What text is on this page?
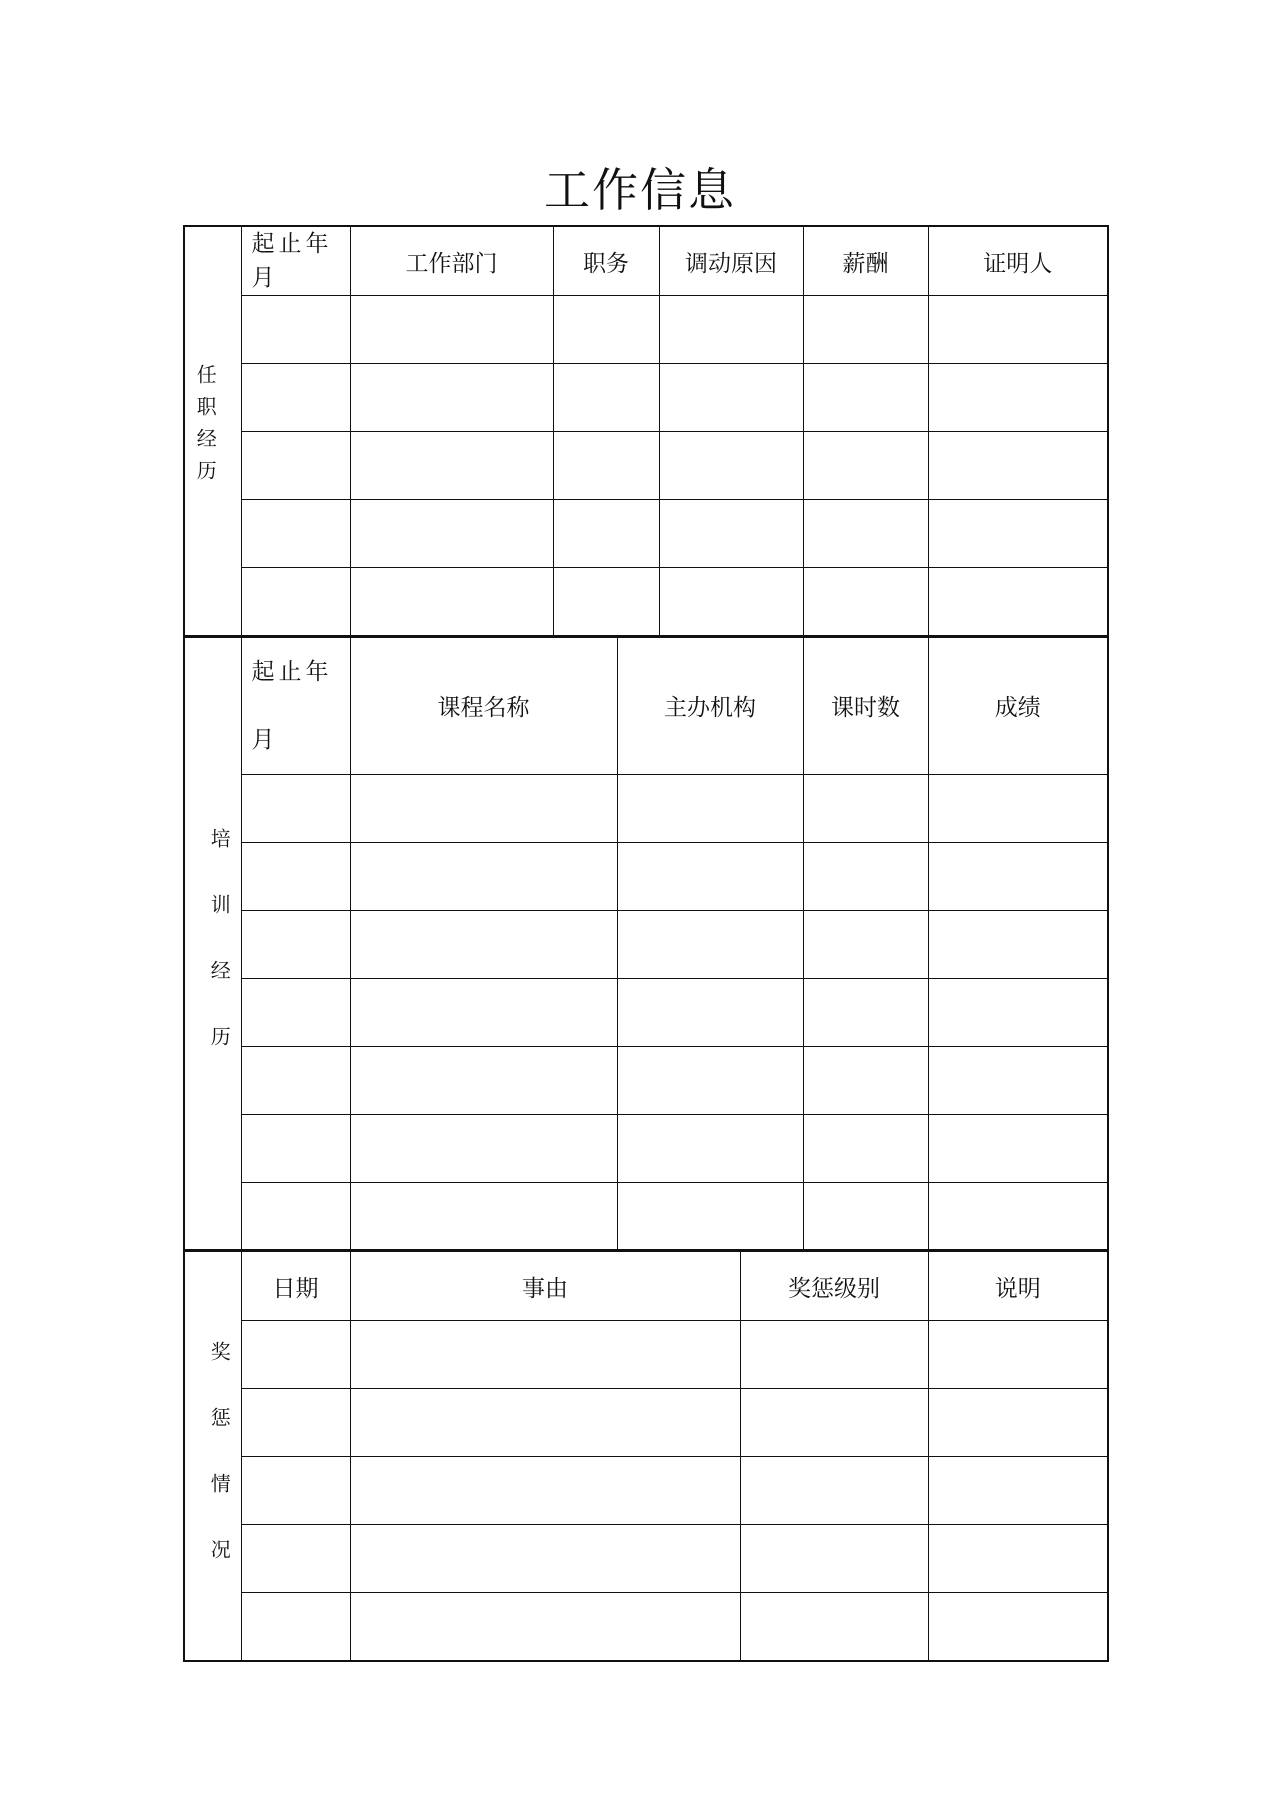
工作信息
任职经历	起止年月	工作部门	职务	调动原因	薪酬	证明人

培训经历	起止年月	课程名称	主办机构	课时数	成绩

奖惩情况	日期	事由	奖惩级别	说明
